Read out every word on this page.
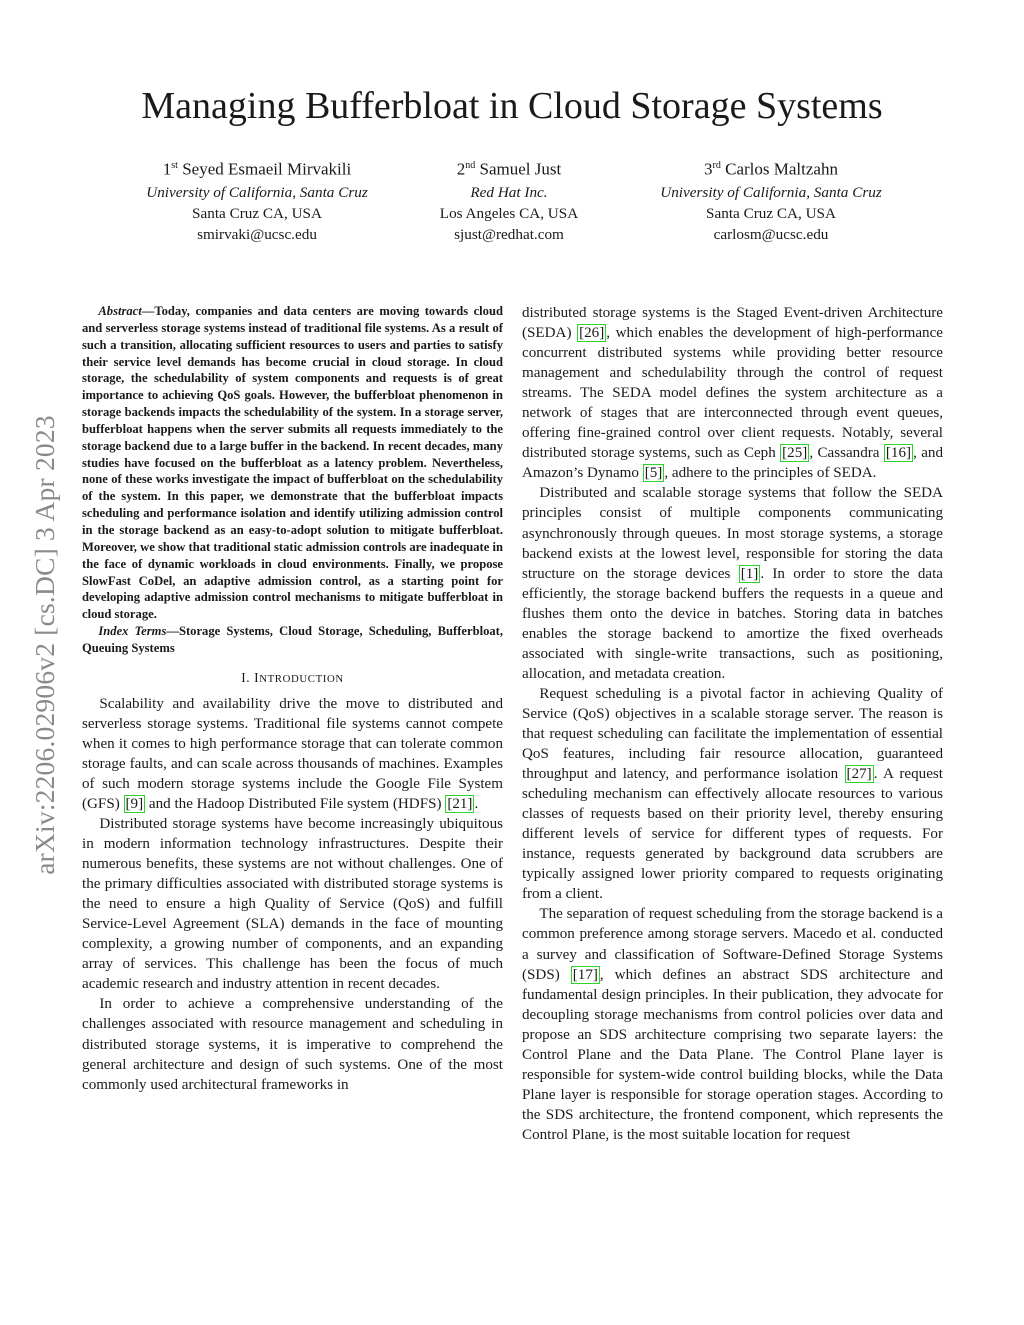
arXiv:2206.02906v2 [cs.DC] 3 Apr 2023
Managing Bufferbloat in Cloud Storage Systems
1st Seyed Esmaeil Mirvakili
University of California, Santa Cruz
Santa Cruz CA, USA
smirvaki@ucsc.edu
2nd Samuel Just
Red Hat Inc.
Los Angeles CA, USA
sjust@redhat.com
3rd Carlos Maltzahn
University of California, Santa Cruz
Santa Cruz CA, USA
carlosm@ucsc.edu

Abstract—Today, companies and data centers are moving towards cloud and serverless storage systems instead of traditional file systems. As a result of such a transition, allocating sufficient resources to users and parties to satisfy their service level demands has become crucial in cloud storage. In cloud storage, the schedulability of system components and requests is of great importance to achieving QoS goals. However, the bufferbloat phenomenon in storage backends impacts the schedulability of the system. In a storage server, bufferbloat happens when the server submits all requests immediately to the storage backend due to a large buffer in the backend. In recent decades, many studies have focused on the bufferbloat as a latency problem. Nevertheless, none of these works investigate the impact of bufferbloat on the schedulability of the system. In this paper, we demonstrate that the bufferbloat impacts scheduling and performance isolation and identify utilizing admission control in the storage backend as an easy-to-adopt solution to mitigate bufferbloat. Moreover, we show that traditional static admission controls are inadequate in the face of dynamic workloads in cloud environments. Finally, we propose SlowFast CoDel, an adaptive admission control, as a starting point for developing adaptive admission control mechanisms to mitigate bufferbloat in cloud storage.

Index Terms—Storage Systems, Cloud Storage, Scheduling, Bufferbloat, Queuing Systems

I. INTRODUCTION

Scalability and availability drive the move to distributed and serverless storage systems. Traditional file systems cannot compete when it comes to high performance storage that can tolerate common storage faults, and can scale across thousands of machines. Examples of such modern storage systems include the Google File System (GFS) [9] and the Hadoop Distributed File system (HDFS) [21] .

Distributed storage systems have become increasingly ubiquitous in modern information technology infrastructures. Despite their numerous benefits, these systems are not without challenges. One of the primary difficulties associated with distributed storage systems is the need to ensure a high Quality of Service (QoS) and fulfill Service-Level Agreement (SLA) demands in the face of mounting complexity, a growing number of components, and an expanding array of services. This challenge has been the focus of much academic research and industry attention in recent decades.

In order to achieve a comprehensive understanding of the challenges associated with resource management and scheduling in distributed storage systems, it is imperative to comprehend the general architecture and design of such systems. One of the most commonly used architectural frameworks in

distributed storage systems is the Staged Event-driven Architecture (SEDA) [26] , which enables the development of high-performance concurrent distributed systems while providing better resource management and schedulability through the control of request streams. The SEDA model defines the system architecture as a network of stages that are interconnected through event queues, offering fine-grained control over client requests. Notably, several distributed storage systems, such as Ceph [25] , Cassandra [16] , and Amazon’s Dynamo [5] , adhere to the principles of SEDA.

Distributed and scalable storage systems that follow the SEDA principles consist of multiple components communicating asynchronously through queues. In most storage systems, a storage backend exists at the lowest level, responsible for storing the data structure on the storage devices [1] . In order to store the data efficiently, the storage backend buffers the requests in a queue and flushes them onto the device in batches. Storing data in batches enables the storage backend to amortize the fixed overheads associated with single-write transactions, such as positioning, allocation, and metadata creation.

Request scheduling is a pivotal factor in achieving Quality of Service (QoS) objectives in a scalable storage server. The reason is that request scheduling can facilitate the implementation of essential QoS features, including fair resource allocation, guaranteed throughput and latency, and performance isolation [27] . A request scheduling mechanism can effectively allocate resources to various classes of requests based on their priority level, thereby ensuring different levels of service for different types of requests. For instance, requests generated by background data scrubbers are typically assigned lower priority compared to requests originating from a client.

The separation of request scheduling from the storage backend is a common preference among storage servers. Macedo et al. conducted a survey and classification of Software-Defined Storage Systems (SDS) [17] , which defines an abstract SDS architecture and fundamental design principles. In their publication, they advocate for decoupling storage mechanisms from control policies over data and propose an SDS architecture comprising two separate layers: the Control Plane and the Data Plane. The Control Plane layer is responsible for system-wide control building blocks, while the Data Plane layer is responsible for storage operation stages. According to the SDS architecture, the frontend component, which represents the Control Plane, is the most suitable location for request
